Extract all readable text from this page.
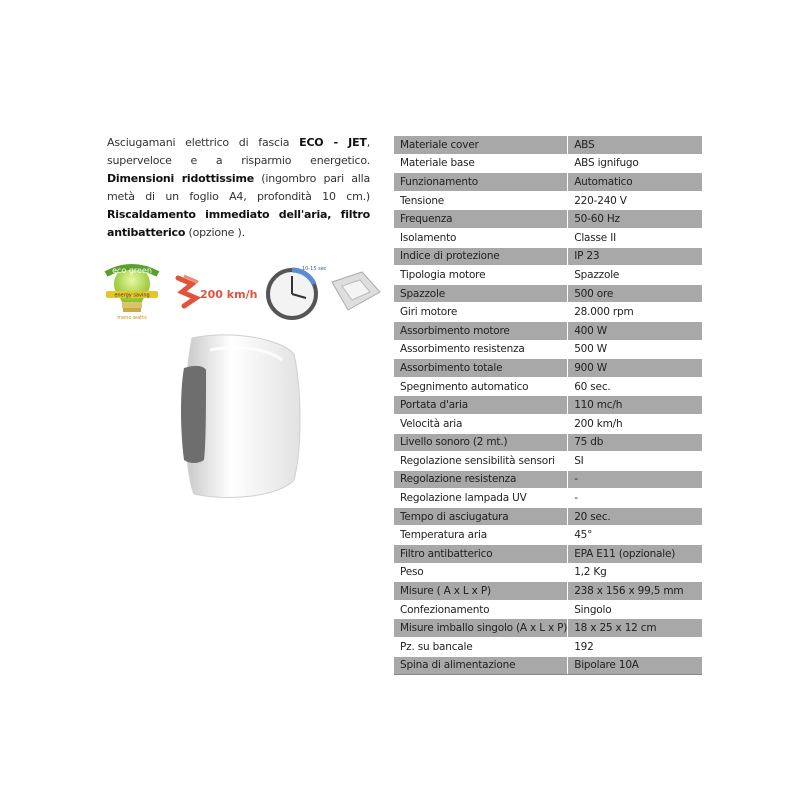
Asciugamani elettrico di fascia ECO - JET, superveloce e a risparmio energetico. Dimensioni ridottissime (ingombro pari alla metà di un foglio A4, profondità 10 cm.) Riscaldamento immediato dell'aria, filtro antibatterico (opzione ).
eco green
energy saving
meno watts
200 km/h
10-15 sec
Materiale cover	ABS
Materiale base	ABS ignifugo
Funzionamento	Automatico
Tensione	220-240 V
Frequenza	50-60 Hz
Isolamento	Classe II
Indice di protezione	IP 23
Tipologia motore	Spazzole
Spazzole	500 ore
Giri motore	28.000 rpm
Assorbimento motore	400 W
Assorbimento resistenza	500 W
Assorbimento totale	900 W
Spegnimento automatico	60 sec.
Portata d'aria	110 mc/h
Velocità aria	200 km/h
Livello sonoro (2 mt.)	75 db
Regolazione sensibilità sensori	SI
Regolazione resistenza	-
Regolazione lampada UV	-
Tempo di asciugatura	20 sec.
Temperatura aria	45°
Filtro antibatterico	EPA E11 (opzionale)
Peso	1,2 Kg
Misure ( A x L x P)	238 x 156 x 99,5 mm
Confezionamento	Singolo
Misure imballo singolo (A x L x P)	18 x 25 x 12 cm
Pz. su bancale	192
Spina di alimentazione	Bipolare 10A
